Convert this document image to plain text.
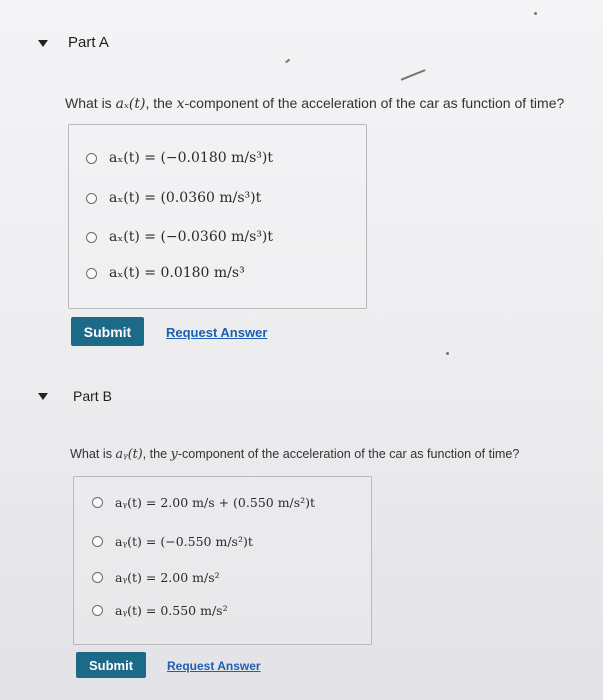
Part A
What is aₓ(t), the x-component of the acceleration of the car as function of time?
aₓ(t) = (−0.0180 m/s³)t
aₓ(t) = (0.0360 m/s³)t
aₓ(t) = (−0.0360 m/s³)t
aₓ(t) = 0.0180 m/s³
Submit	Request Answer
Part B
What is aᵧ(t), the y-component of the acceleration of the car as function of time?
aᵧ(t) = 2.00 m/s + (0.550 m/s²)t
aᵧ(t) = (−0.550 m/s²)t
aᵧ(t) = 2.00 m/s²
aᵧ(t) = 0.550 m/s²
Submit	Request Answer
